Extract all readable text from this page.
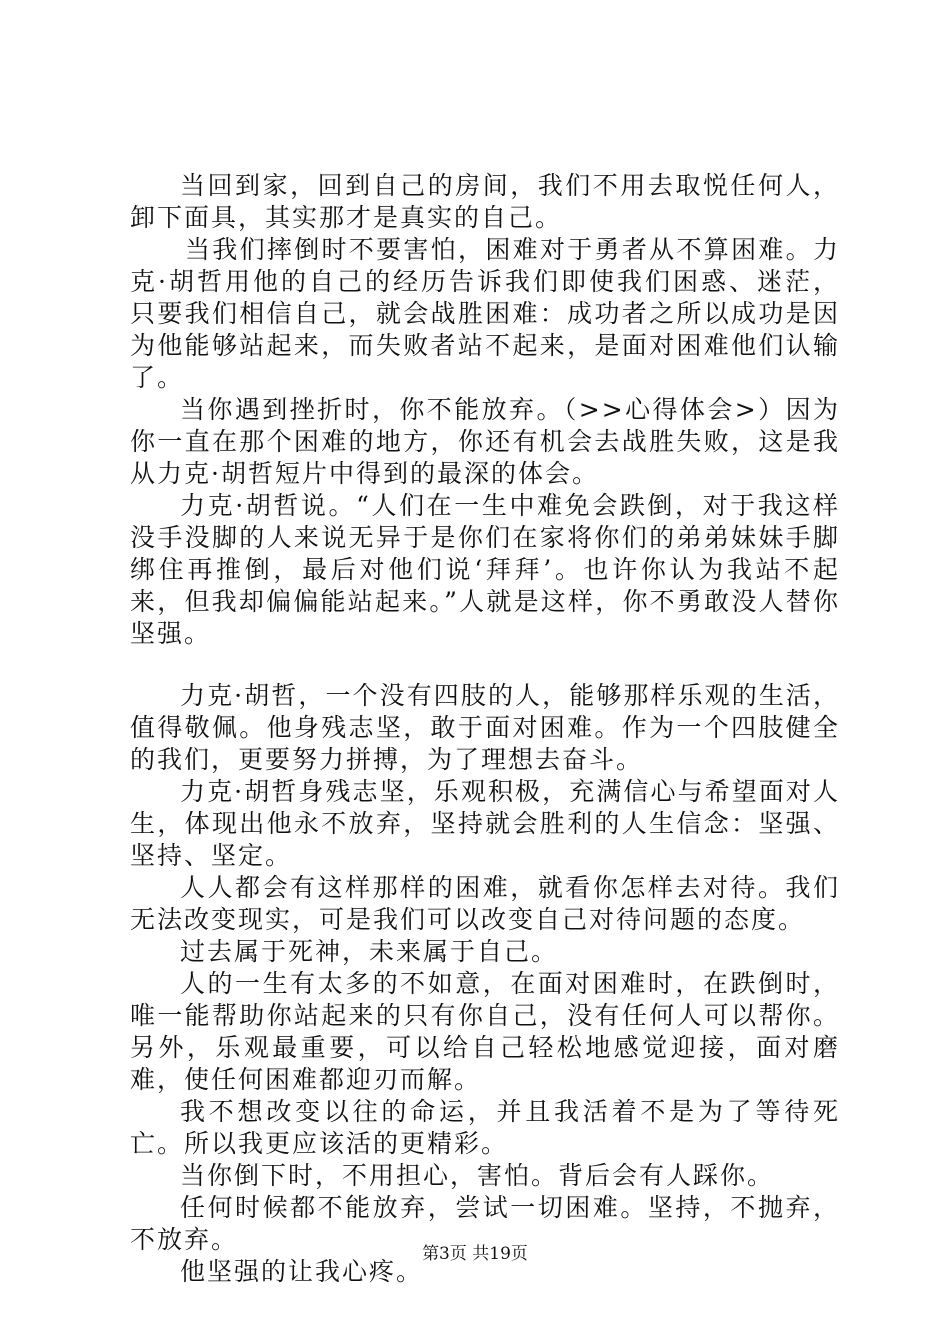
当回到家，回到自己的房间，我们不用去取悦任何人，卸下面具，其实那才是真实的自己。

当我们摔倒时不要害怕，困难对于勇者从不算困难。力克·胡哲用他的自己的经历告诉我们即使我们困惑、迷茫，只要我们相信自己，就会战胜困难：成功者之所以成功是因为他能够站起来，而失败者站不起来，是面对困难他们认输了。

当你遇到挫折时，你不能放弃。（>>心得体会>）因为你一直在那个困难的地方，你还有机会去战胜失败，这是我从力克·胡哲短片中得到的最深的体会。

力克·胡哲说。“人们在一生中难免会跌倒，对于我这样没手没脚的人来说无异于是你们在家将你们的弟弟妹妹手脚绑住再推倒，最后对他们说‘拜拜’。也许你认为我站不起来，但我却偏偏能站起来。”人就是这样，你不勇敢没人替你坚强。

力克·胡哲，一个没有四肢的人，能够那样乐观的生活，值得敬佩。他身残志坚，敢于面对困难。作为一个四肢健全的我们，更要努力拼搏，为了理想去奋斗。

力克·胡哲身残志坚，乐观积极，充满信心与希望面对人生，体现出他永不放弃，坚持就会胜利的人生信念：坚强、坚持、坚定。

人人都会有这样那样的困难，就看你怎样去对待。我们无法改变现实，可是我们可以改变自己对待问题的态度。

过去属于死神，未来属于自己。

人的一生有太多的不如意，在面对困难时，在跌倒时，唯一能帮助你站起来的只有你自己，没有任何人可以帮你。另外，乐观最重要，可以给自己轻松地感觉迎接，面对磨难，使任何困难都迎刃而解。

我不想改变以往的命运，并且我活着不是为了等待死亡。所以我更应该活的更精彩。

当你倒下时，不用担心，害怕。背后会有人踩你。

任何时候都不能放弃，尝试一切困难。坚持，不抛弃，不放弃。

他坚强的让我心疼。

第3页 共19页
